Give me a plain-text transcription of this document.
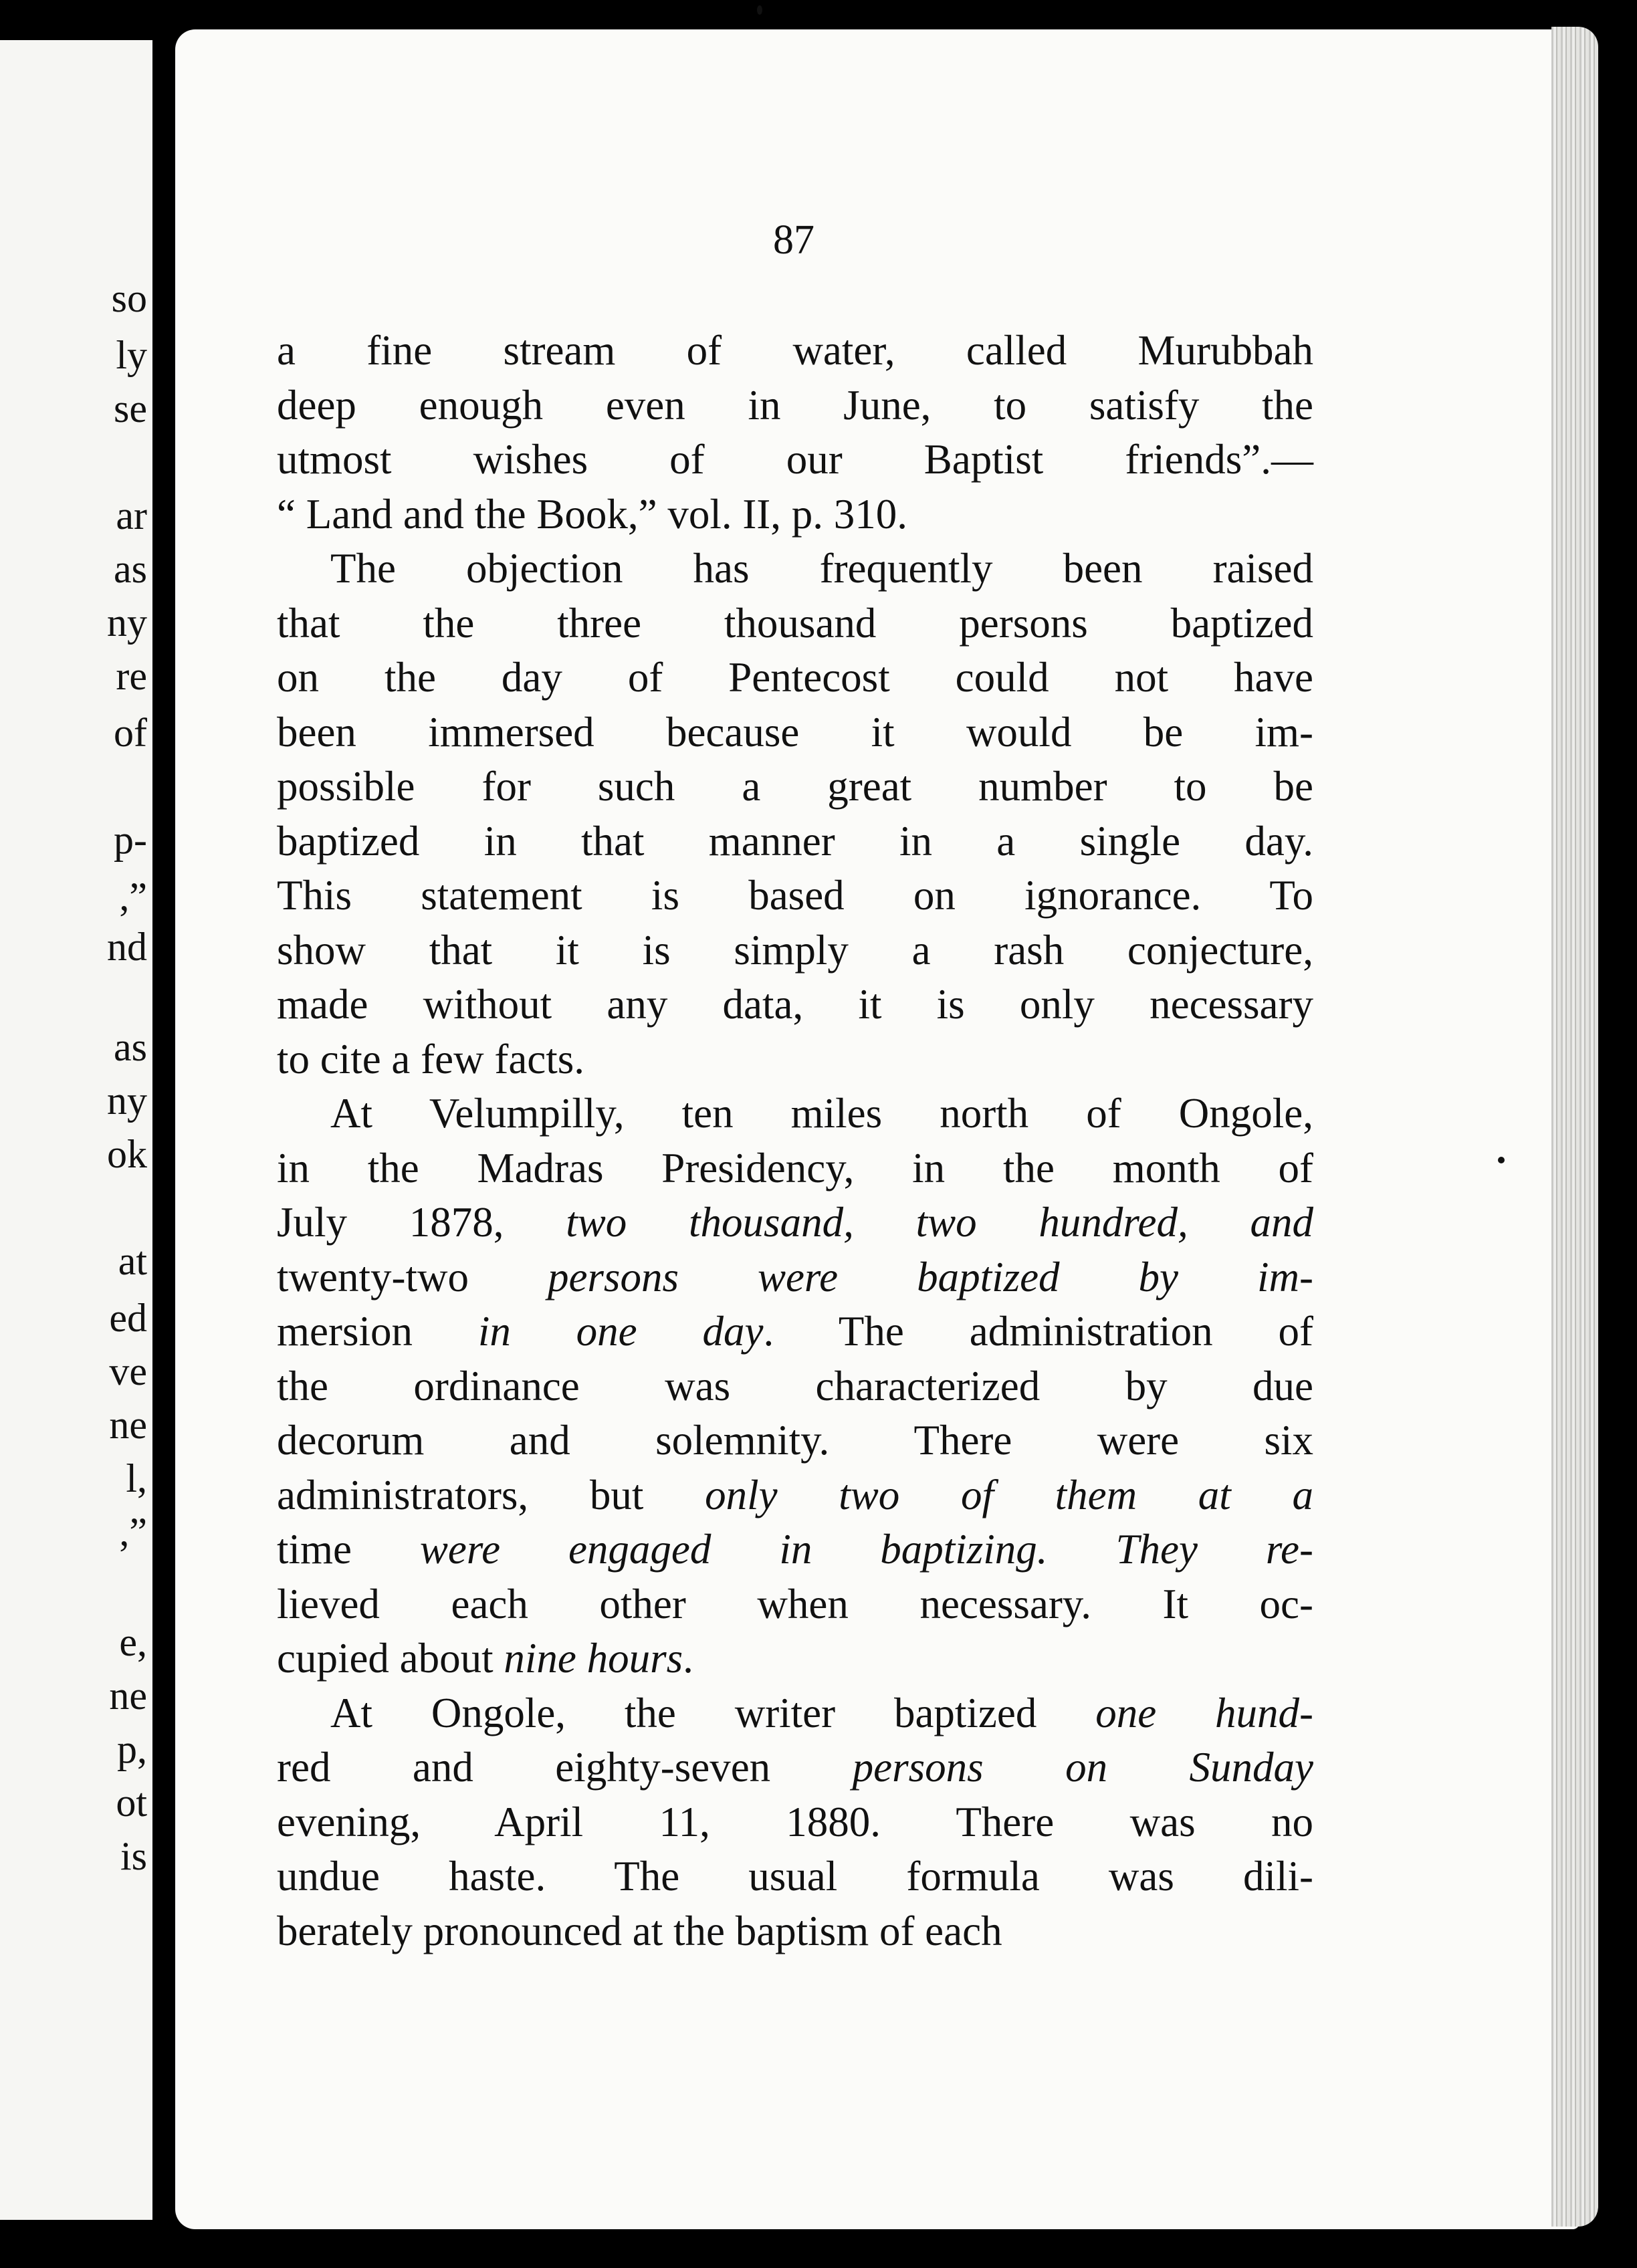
so
ly
se
ar
as
ny
re
of
p-
,”
nd
as
ny
ok
at
ed
ve
ne
l,
,”
e,
ne
p,
ot
is
87

a fine stream of water, called Murubbah
deep enough even in June, to satisfy the
utmost wishes of our Baptist friends”.—
“ Land and the Book,” vol. II, p. 310.

The objection has frequently been raised
that the three thousand persons baptized
on the day of Pentecost could not have
been immersed because it would be im-
possible for such a great number to be
baptized in that manner in a single day.
This statement is based on ignorance. To
show that it is simply a rash conjecture,
made without any data, it is only necessary
to cite a few facts.

At Velumpilly, ten miles north of Ongole,
in the Madras Presidency, in the month of
July 1878, two thousand, two hundred, and
twenty-two persons were baptized by im-
mersion in one day. The administration of
the ordinance was characterized by due
decorum and solemnity. There were six
administrators, but only two of them at a
time were engaged in baptizing. They re-
lieved each other when necessary. It oc-
cupied about nine hours.

At Ongole, the writer baptized one hund-
red and eighty-seven persons on Sunday
evening, April 11, 1880. There was no
undue haste. The usual formula was dili-
berately pronounced at the baptism of each
